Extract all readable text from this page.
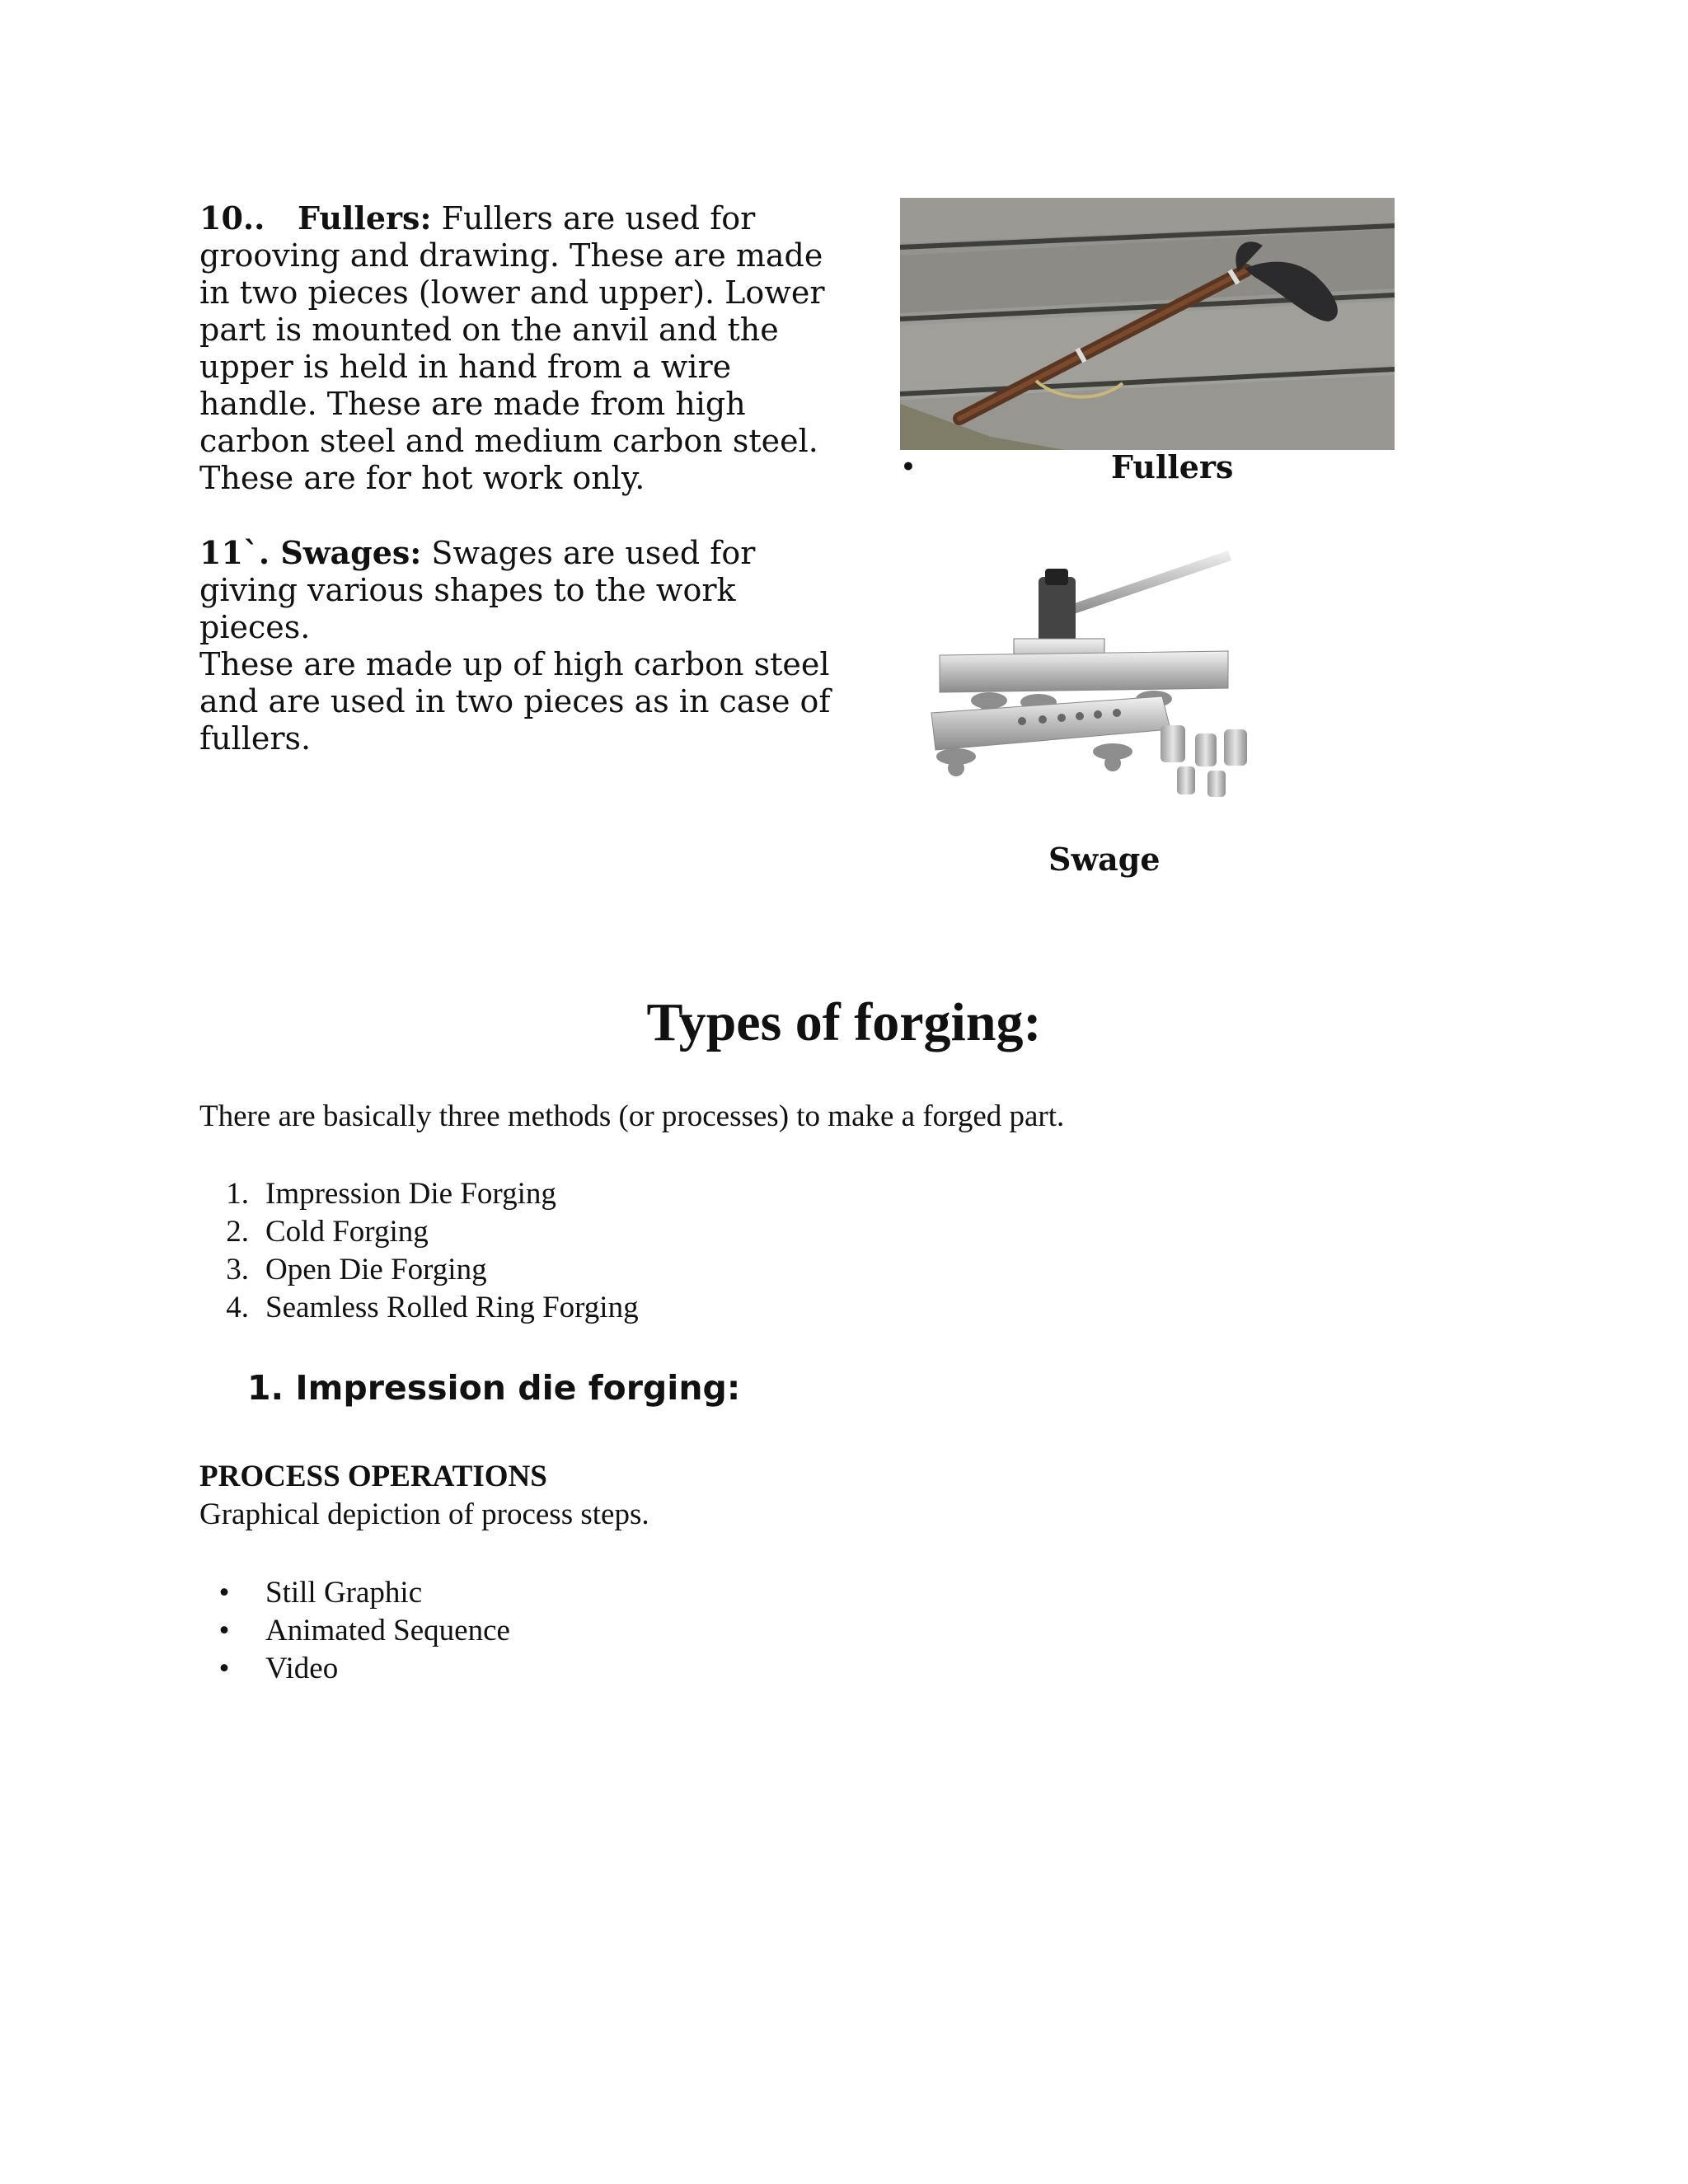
10.. Fullers: Fullers are used for
grooving and drawing. These are made
in two pieces (lower and upper). Lower
part is mounted on the anvil and the
upper is held in hand from a wire
handle. These are made from high
carbon steel and medium carbon steel.
These are for hot work only.	•	Fullers
11`. Swages: Swages are used for
giving various shapes to the work pieces.
These are made up of high carbon steel
and are used in two pieces as in case of
fullers.
Swage
Types of forging:
There are basically three methods (or processes) to make a forged part.
1. Impression Die Forging
2. Cold Forging
3. Open Die Forging
4. Seamless Rolled Ring Forging
1. Impression die forging:
PROCESS OPERATIONS
Graphical depiction of process steps.
• Still Graphic
• Animated Sequence
• Video
